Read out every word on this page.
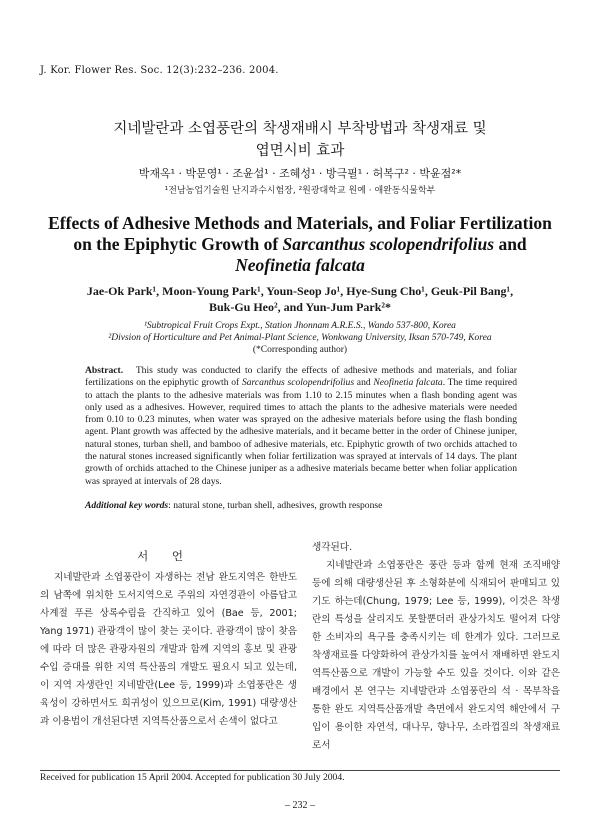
J. Kor. Flower Res. Soc. 12(3):232–236. 2004.
지네발란과 소엽풍란의 착생재배시 부착방법과 착생재료 및
엽면시비 효과
박재옥¹ · 박문영¹ · 조윤섭¹ · 조혜성¹ · 방극필¹ · 허복구² · 박윤점²*
¹전남농업기술원 난지과수시험장, ²원광대학교 원예 · 애완동식물학부
Effects of Adhesive Methods and Materials, and Foliar Fertilization
on the Epiphytic Growth of Sarcanthus scolopendrifolius and
Neofinetia falcata
Jae-Ok Park¹, Moon-Young Park¹, Youn-Seop Jo¹, Hye-Sung Cho¹, Geuk-Pil Bang¹,
Buk-Gu Heo², and Yun-Jum Park²*
¹Subtropical Fruit Crops Expt., Station Jhonnam A.R.E.S., Wando 537-800, Korea
²Divsion of Horticulture and Pet Animal-Plant Science, Wonkwang University, Iksan 570-749, Korea
(*Corresponding author)
Abstract. This study was conducted to clarify the effects of adhesive methods and materials, and foliar fertilizations on the epiphytic growth of Sarcanthus scolopendrifolius and Neofinetia falcata. The time required to attach the plants to the adhesive materials was from 1.10 to 2.15 minutes when a flash bonding agent was only used as a adhesives. However, required times to attach the plants to the adhesive materials were needed from 0.10 to 0.23 minutes, when water was sprayed on the adhesive materials before using the flash bonding agent. Plant growth was affected by the adhesive materials, and it became better in the order of Chinese juniper, natural stones, turban shell, and bamboo of adhesive materials, etc. Epiphytic growth of two orchids attached to the natural stones increased significantly when foliar fertilization was sprayed at intervals of 14 days. The plant growth of orchids attached to the Chinese juniper as a adhesive materials became better when foliar application was sprayed at intervals of 28 days.
Additional key words: natural stone, turban shell, adhesives, growth response
서 언

지네발란과 소엽풍란이 자생하는 전남 완도지역은 한반도의 남쪽에 위치한 도서지역으로 주위의 자연경관이 아름답고 사계절 푸른 상록수림을 간직하고 있어 (Bae 등, 2001; Yang 1971) 관광객이 많이 찾는 곳이다. 관광객이 많이 찾음에 따라 더 많은 관광자원의 개발과 함께 지역의 홍보 및 관광 수입 증대를 위한 지역 특산품의 개발도 필요시 되고 있는데, 이 지역 자생란인 지네발란(Lee 등, 1999)과 소엽풍란은 생육성이 강하면서도 희귀성이 있으므로(Kim, 1991) 대량생산과 이용법이 개선된다면 지역특산품으로서 손색이 없다고

생각된다.

지네발란과 소엽풍란은 풍란 등과 함께 현재 조직배양 등에 의해 대량생산된 후 소형화분에 식재되어 판매되고 있기도 하는데(Chung, 1979; Lee 등, 1999), 이것은 착생란의 특성을 살리지도 못할뿐더러 관상가치도 떨어져 다양한 소비자의 욕구를 충족시키는 데 한계가 있다. 그러므로 착생재료를 다양화하여 관상가치를 높여서 재배하면 완도지역특산품으로 개발이 가능할 수도 있을 것이다. 이와 같은 배경에서 본 연구는 지네발란과 소엽풍란의 석 · 목부착을 통한 완도 지역특산품개발 측면에서 완도지역 해안에서 구입이 용이한 자연석, 대나무, 향나무, 소라껍질의 착생재료로서

Received for publication 15 April 2004. Accepted for publication 30 July 2004.
– 232 –
